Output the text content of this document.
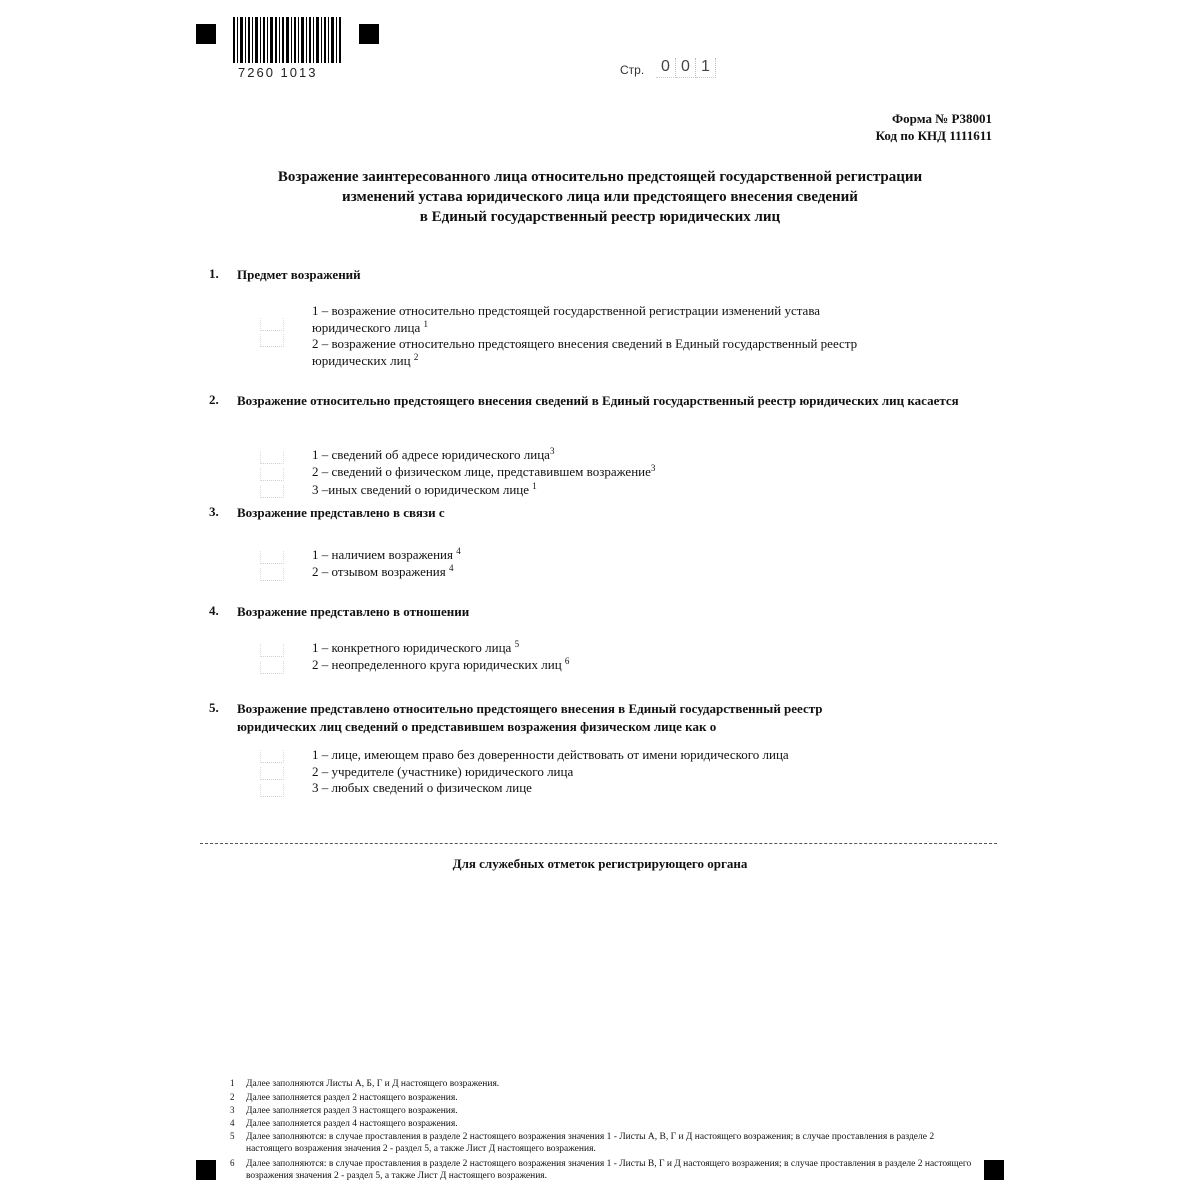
7260 1013	Стр.	0 0 1
Форма № Р38001
Код по КНД 1111611
Возражение заинтересованного лица относительно предстоящей государственной регистрации
изменений устава юридического лица или предстоящего внесения сведений
в Единый государственный реестр юридических лиц
1. Предмет возражений
1 – возражение относительно предстоящей государственной регистрации изменений устава юридического лица $^1$
2 – возражение относительно предстоящего внесения сведений в Единый государственный реестр юридических лиц $^2$
2. Возражение относительно предстоящего внесения сведений в Единый государственный реестр юридических лиц касается
1 – сведений об адресе юридического лица$^3$
2 – сведений о физическом лице, представившем возражение$^3$
3 –иных сведений о юридическом лице $^1$
3. Возражение представлено в связи с
1 – наличием возражения $^4$
2 – отзывом возражения $^4$
4. Возражение представлено в отношении
1 – конкретного юридического лица $^5$
2 – неопределенного круга юридических лиц $^6$
5. Возражение представлено относительно предстоящего внесения в Единый государственный реестр юридических лиц сведений о представившем возражения физическом лице как о
1 – лице, имеющем право без доверенности действовать от имени юридического лица
2 – учредителе (участнике) юридического лица
3 – любых сведений о физическом лице
Для служебных отметок регистрирующего органа
1 Далее заполняются Листы А, Б, Г и Д настоящего возражения.
2 Далее заполняется раздел 2 настоящего возражения.
3 Далее заполняется раздел 3 настоящего возражения.
4 Далее заполняется раздел 4 настоящего возражения.
5 Далее заполняются: в случае проставления в разделе 2 настоящего возражения значения 1 - Листы А, В, Г и Д настоящего возражения; в случае проставления в разделе 2 настоящего возражения значения 2 - раздел 5, а также Лист Д настоящего возражения.
6 Далее заполняются: в случае проставления в разделе 2 настоящего возражения значения 1 - Листы В, Г и Д настоящего возражения; в случае проставления в разделе 2 настоящего возражения значения 2 - раздел 5, а также Лист Д настоящего возражения.
